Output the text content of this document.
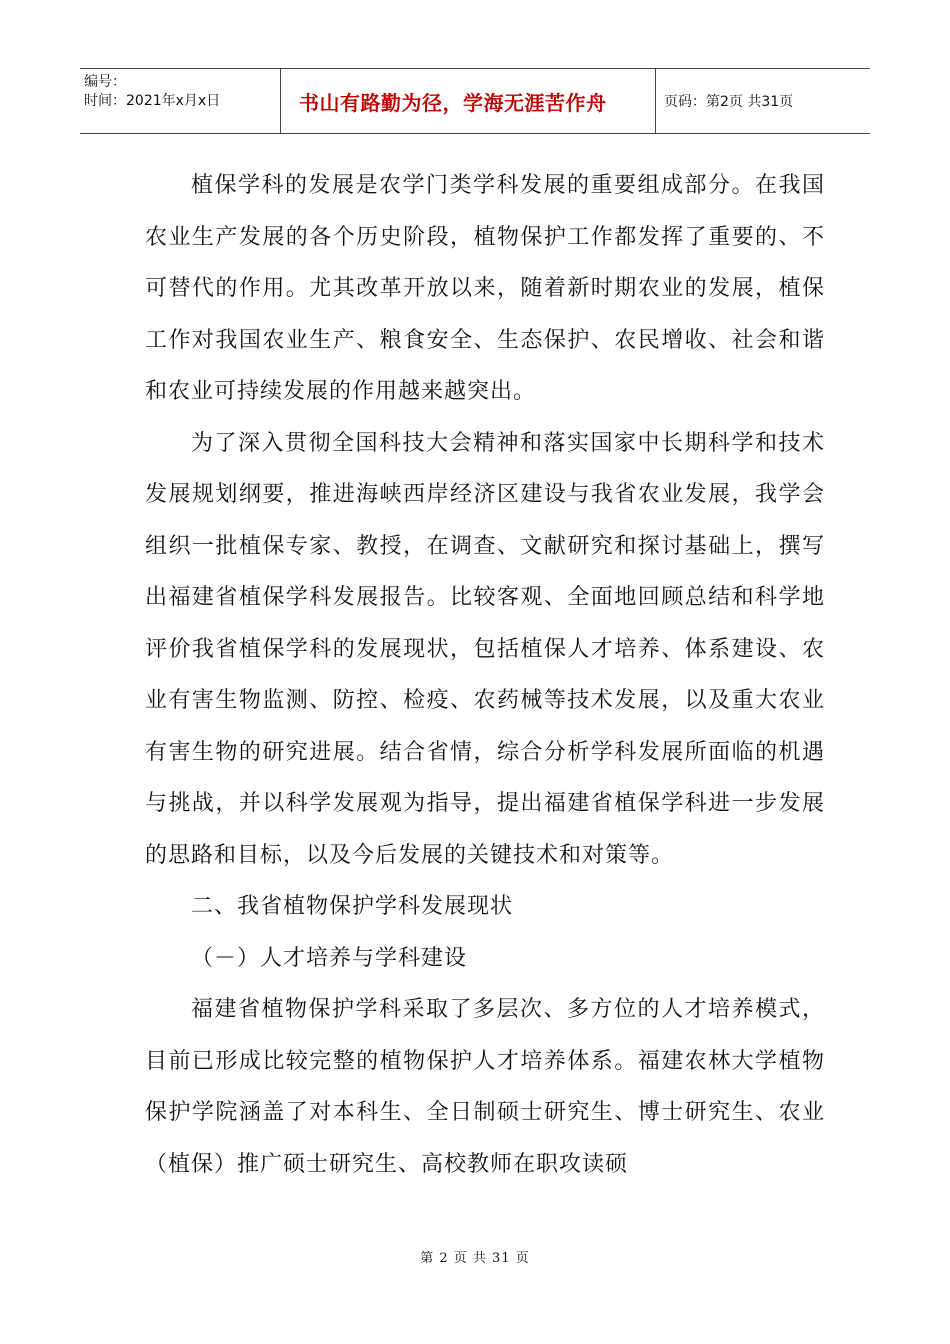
编号：
时间：2021年x月x日	书山有路勤为径，学海无涯苦作舟	页码：第2页 共31页

植保学科的发展是农学门类学科发展的重要组成部分。在我国农业生产发展的各个历史阶段，植物保护工作都发挥了重要的、不可替代的作用。尤其改革开放以来，随着新时期农业的发展，植保工作对我国农业生产、粮食安全、生态保护、农民增收、社会和谐和农业可持续发展的作用越来越突出。

为了深入贯彻全国科技大会精神和落实国家中长期科学和技术发展规划纲要，推进海峡西岸经济区建设与我省农业发展，我学会组织一批植保专家、教授，在调查、文献研究和探讨基础上，撰写出福建省植保学科发展报告。比较客观、全面地回顾总结和科学地评价我省植保学科的发展现状，包括植保人才培养、体系建设、农业有害生物监测、防控、检疫、农药械等技术发展，以及重大农业有害生物的研究进展。结合省情，综合分析学科发展所面临的机遇与挑战，并以科学发展观为指导，提出福建省植保学科进一步发展的思路和目标，以及今后发展的关键技术和对策等。

二、我省植物保护学科发展现状

（－）人才培养与学科建设

福建省植物保护学科采取了多层次、多方位的人才培养模式，目前已形成比较完整的植物保护人才培养体系。福建农林大学植物保护学院涵盖了对本科生、全日制硕士研究生、博士研究生、农业（植保）推广硕士研究生、高校教师在职攻读硕

第 2 页 共 31 页
